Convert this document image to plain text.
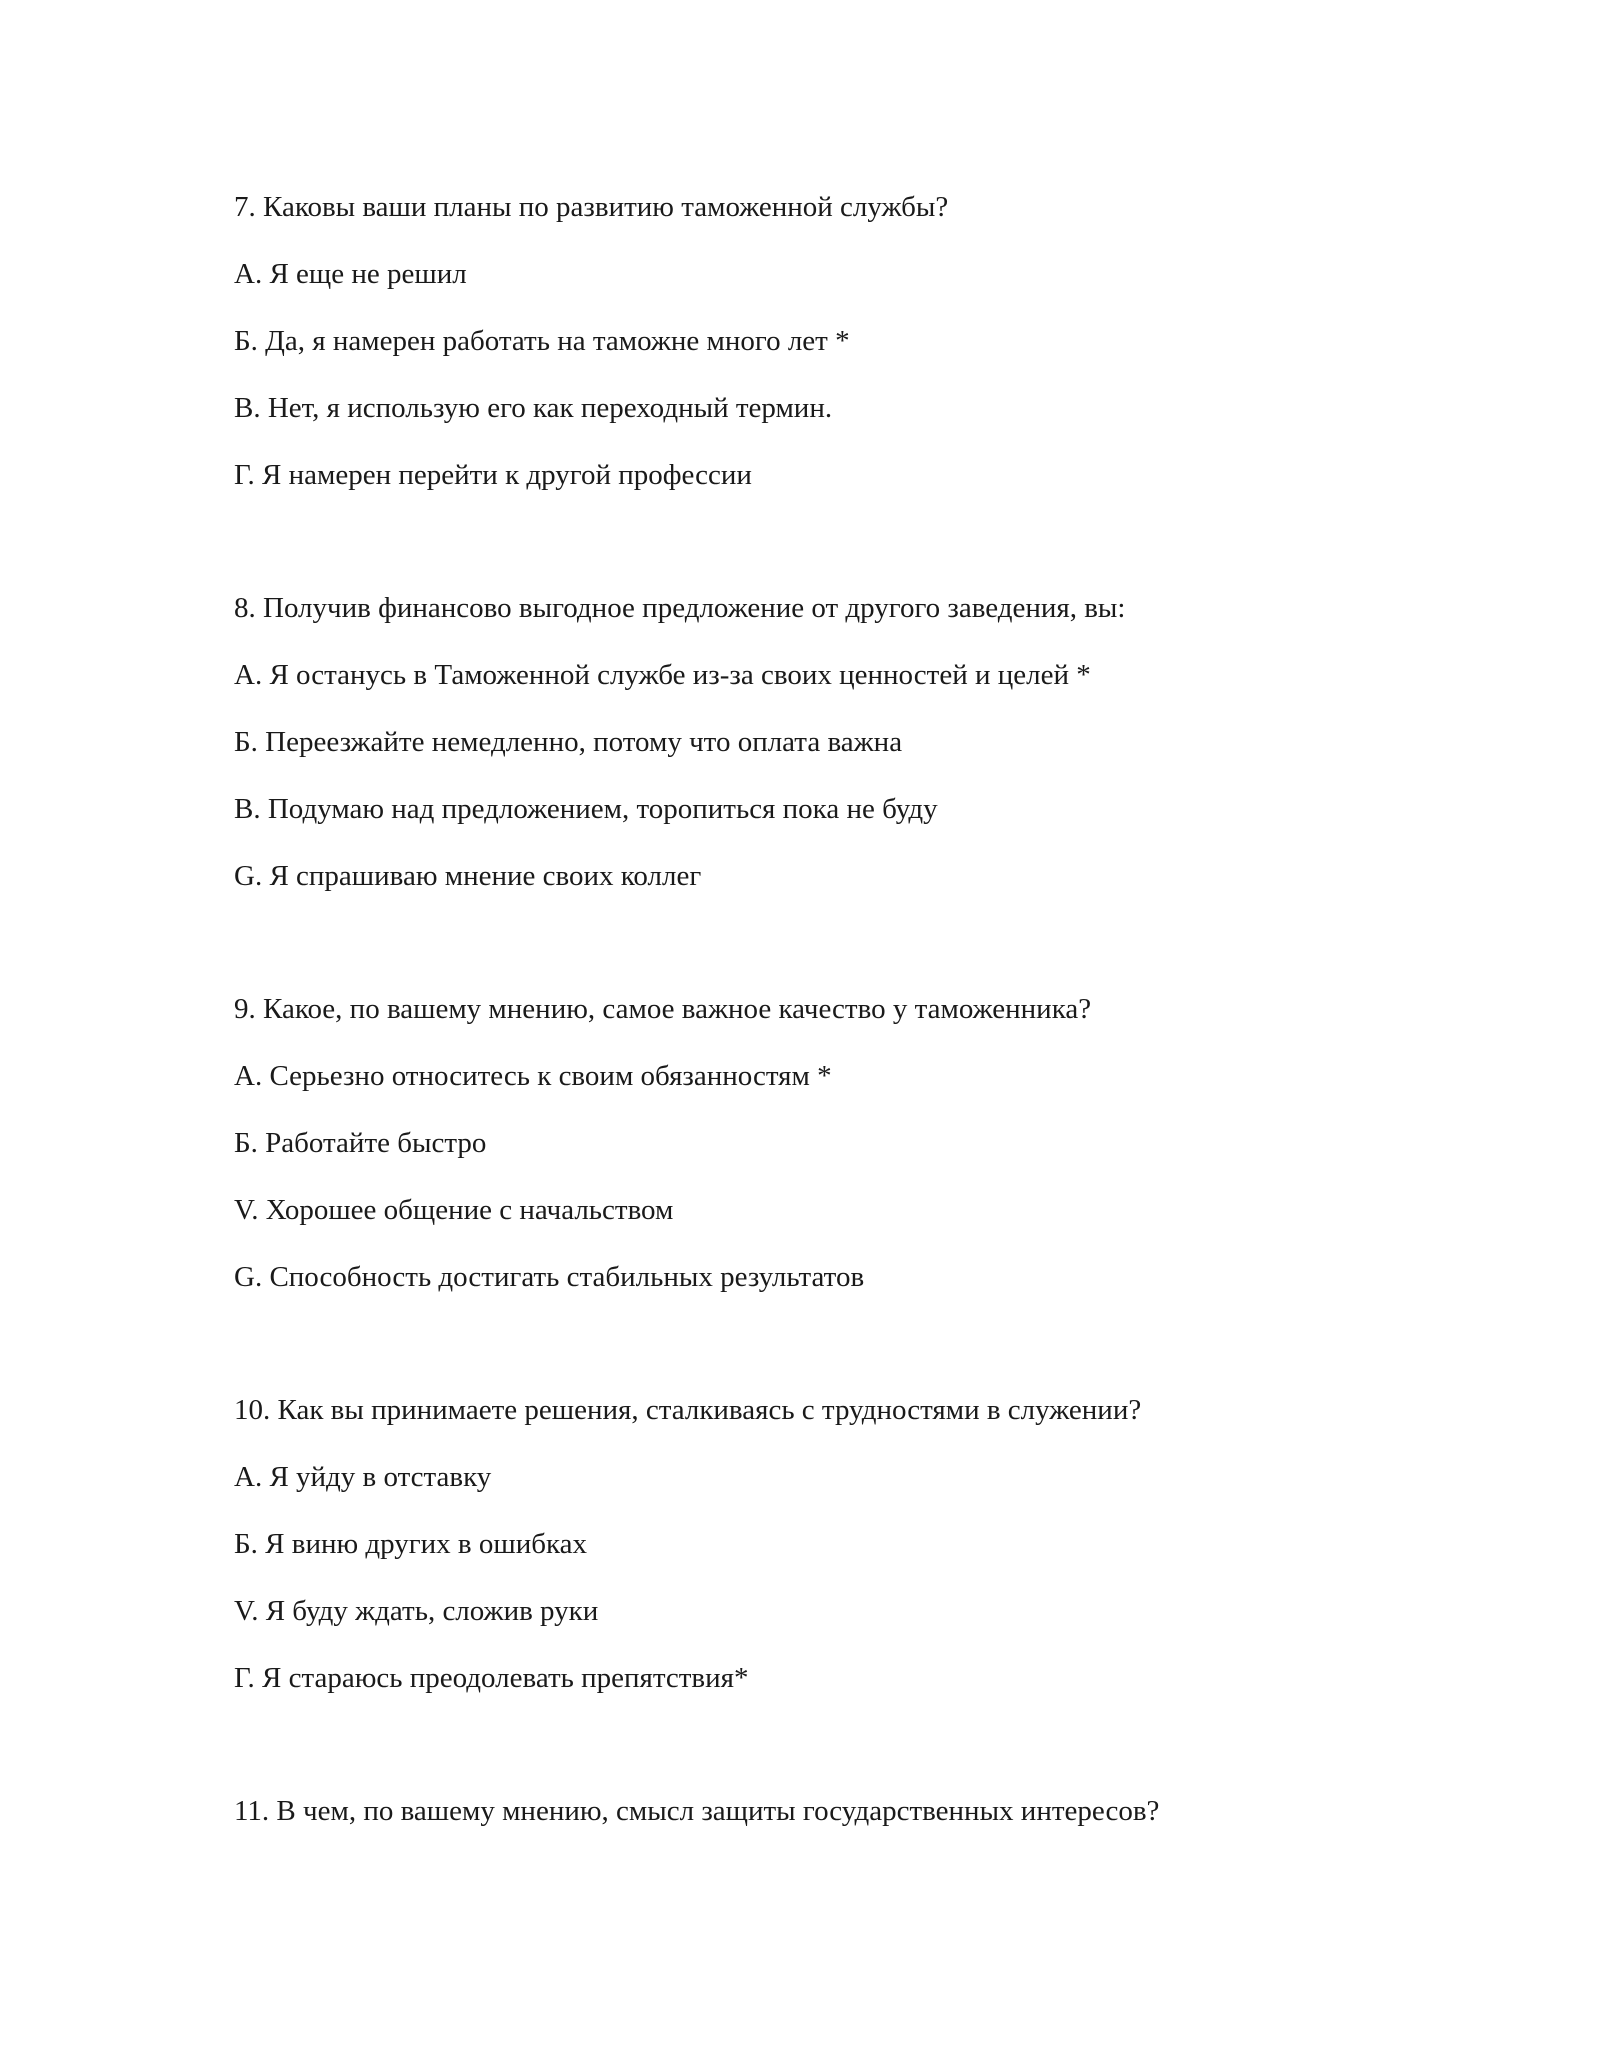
7. Каковы ваши планы по развитию таможенной службы?
А. Я еще не решил
Б. Да, я намерен работать на таможне много лет *
В. Нет, я использую его как переходный термин.
Г. Я намерен перейти к другой профессии
8. Получив финансово выгодное предложение от другого заведения, вы:
А. Я останусь в Таможенной службе из-за своих ценностей и целей *
Б. Переезжайте немедленно, потому что оплата важна
В. Подумаю над предложением, торопиться пока не буду
G. Я спрашиваю мнение своих коллег
9. Какое, по вашему мнению, самое важное качество у таможенника?
А. Серьезно относитесь к своим обязанностям *
Б. Работайте быстро
V. Хорошее общение с начальством
G. Способность достигать стабильных результатов
10. Как вы принимаете решения, сталкиваясь с трудностями в служении?
А. Я уйду в отставку
Б. Я виню других в ошибках
V. Я буду ждать, сложив руки
Г. Я стараюсь преодолевать препятствия*
11. В чем, по вашему мнению, смысл защиты государственных интересов?
